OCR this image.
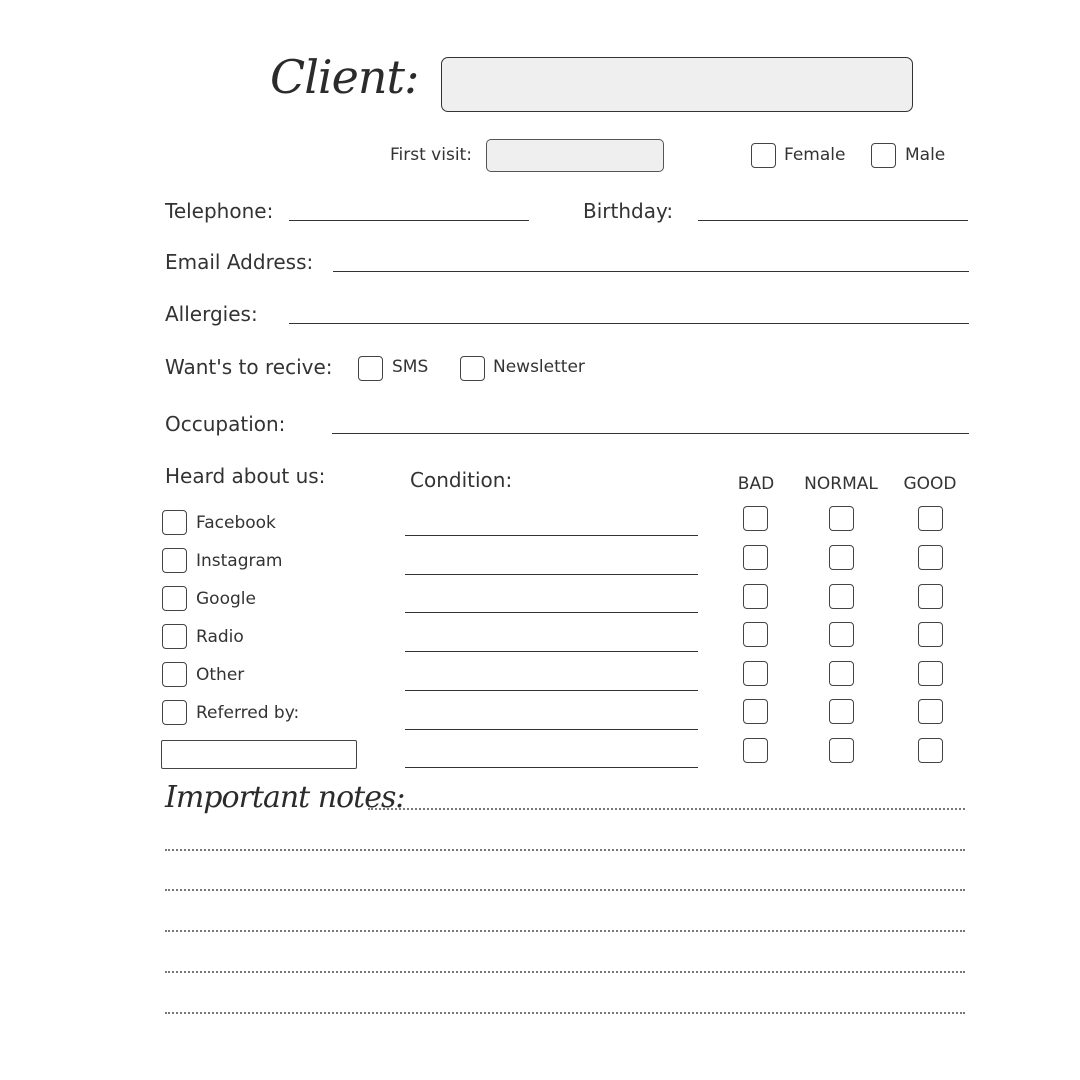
Client:
First visit:	Female	Male
Telephone:	Birthday:
Email Address:
Allergies:
Want's to recive:	SMS	Newsletter
Occupation:
Heard about us:	Condition:	BAD	NORMAL	GOOD
Facebook
Instagram
Google
Radio
Other
Referred by:
Important notes:
